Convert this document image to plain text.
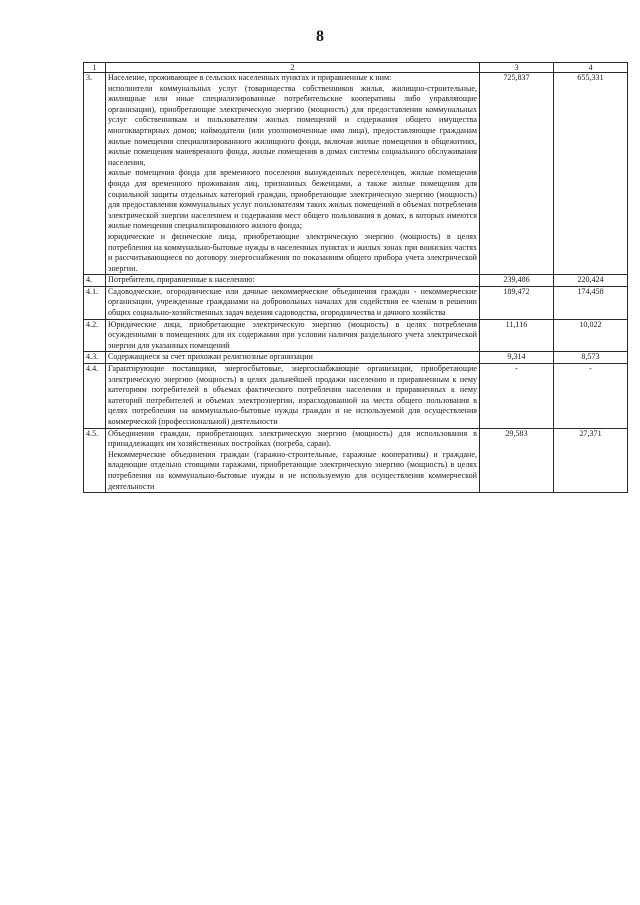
8
1	2	3	4
3.	Население, проживающее в сельских населенных пунктах и приравненные к ним:
исполнители коммунальных услуг (товарищества собственников жилья, жилищно-строительные, жилищные или иные специализированные потребительские кооперативы либо управляющие организации), приобретающие электрическую энергию (мощность) для предоставления коммунальных услуг собственникам и пользователям жилых помещений и содержания общего имущества многоквартирных домов; наймодатели (или уполномоченные ими лица), предоставляющие гражданам жилые помещения специализированного жилищного фонда, включая жилые помещения в общежитиях, жилые помещения маневренного фонда, жилые помещения в домах системы социального обслуживания населения,
жилые помещения фонда для временного поселения вынужденных переселенцев, жилые помещения фонда для временного проживания лиц, признанных беженцами, а также жилые помещения для социальной защиты отдельных категорий граждан, приобретающие электрическую энергию (мощность) для предоставления коммунальных услуг пользователям таких жилых помещений в объемах потребления электрической энергии населением и содержания мест общего пользования в домах, в которых имеются жилые помещения специализированного жилого фонда;
юридические и физические лица, приобретающие электрическую энергию (мощность) в целях потребления на коммунально-бытовые нужды в населенных пунктах и жилых зонах при воинских частях и рассчитывающиеся по договору энергоснабжения по показаниям общего прибора учета электрической энергии.	725,837	655,331
4.	Потребители, приравненные к населению:	239,486	220,424
4.1.	Садоводческие, огороднические или дачные некоммерческие объединения граждан - некоммерческие организации, учрежденные гражданами на добровольных началах для содействия ее членам в решении общих социально-хозяйственных задач ведения садоводства, огородничества и дачного хозяйства	189,472	174,458
4.2.	Юридические лица, приобретающие электрическую энергию (мощность) в целях потребления осужденными в помещениях для их содержания при условии наличия раздельного учета электрической энергии для указанных помещений	11,116	10,022
4.3.	Содержащиеся за счет прихожан религиозные организации	9,314	8,573
4.4.	Гарантирующие поставщики, энергосбытовые, энергоснабжающие организации, приобретающие электрическую энергию (мощность) в целях дальнейшей продажи населению и приравненным к нему категориям потребителей в объемах фактического потребления населения и приравненных к нему категорий потребителей и объемах электроэнергии, израсходованной на места общего пользования в целях потребления на коммунально-бытовые нужды граждан и не используемой для осуществления коммерческой (профессиональной) деятельности	-	-
4.5.	Объединения граждан, приобретающих электрическую энергию (мощность) для использования в принадлежащих им хозяйственных постройках (погреба, сараи).
Некоммерческие объединения граждан (гаражно-строительные, гаражные кооперативы) и граждане, владеющие отдельно стоящими гаражами, приобретающие электрическую энергию (мощность) в целях потребления на коммунально-бытовые нужды и не используемую для осуществления коммерческой деятельности	29,583	27,371
